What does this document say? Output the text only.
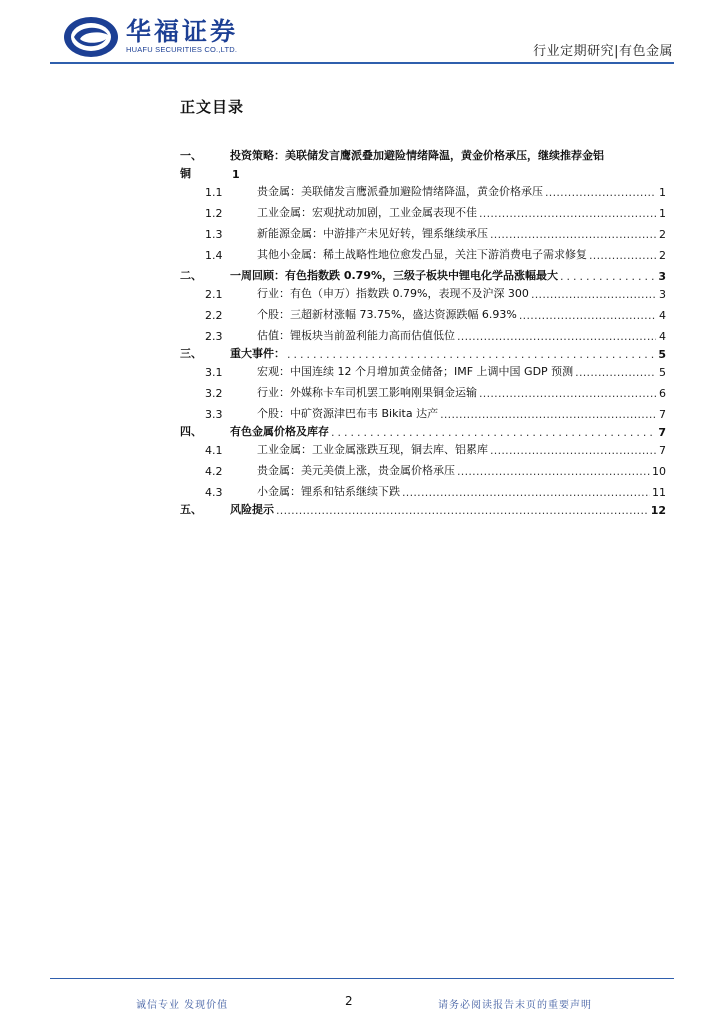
华福证券
HUAFU SECURITIES CO.,LTD.	行业定期研究|有色金属
正文目录
一、	投资策略：美联储发言鹰派叠加避险情绪降温，黄金价格承压，继续推荐金铝
铜	1
1.1	贵金属：美联储发言鹰派叠加避险情绪降温，黄金价格承压 .....	1
1.2	工业金属：宏观扰动加剧，工业金属表现不佳 .....	1
1.3	新能源金属：中游排产未见好转，锂系继续承压 .....	2
1.4	其他小金属：稀土战略性地位愈发凸显，关注下游消费电子需求修复 .....	2
二、	一周回顾：有色指数跌 0.79%，三级子板块中锂电化学品涨幅最大 .....	3
2.1	行业：有色（申万）指数跌 0.79%，表现不及沪深 300 .....	3
2.2	个股：三超新材涨幅 73.75%，盛达资源跌幅 6.93% .....	4
2.3	估值：锂板块当前盈利能力高而估值低位 .....	4
三、	重大事件： .....	5
3.1	宏观：中国连续 12 个月增加黄金储备；IMF 上调中国 GDP 预测 .....	5
3.2	行业：外媒称卡车司机罢工影响刚果铜金运输 .....	6
3.3	个股：中矿资源津巴布韦 Bikita 达产 .....	7
四、	有色金属价格及库存 .....	7
4.1	工业金属：工业金属涨跌互现，铜去库、铝累库 .....	7
4.2	贵金属：美元美债上涨，贵金属价格承压 .....	10
4.3	小金属：锂系和钴系继续下跌 .....	11
五、	风险提示 .....	12
诚信专业 发现价值	2	请务必阅读报告末页的重要声明
